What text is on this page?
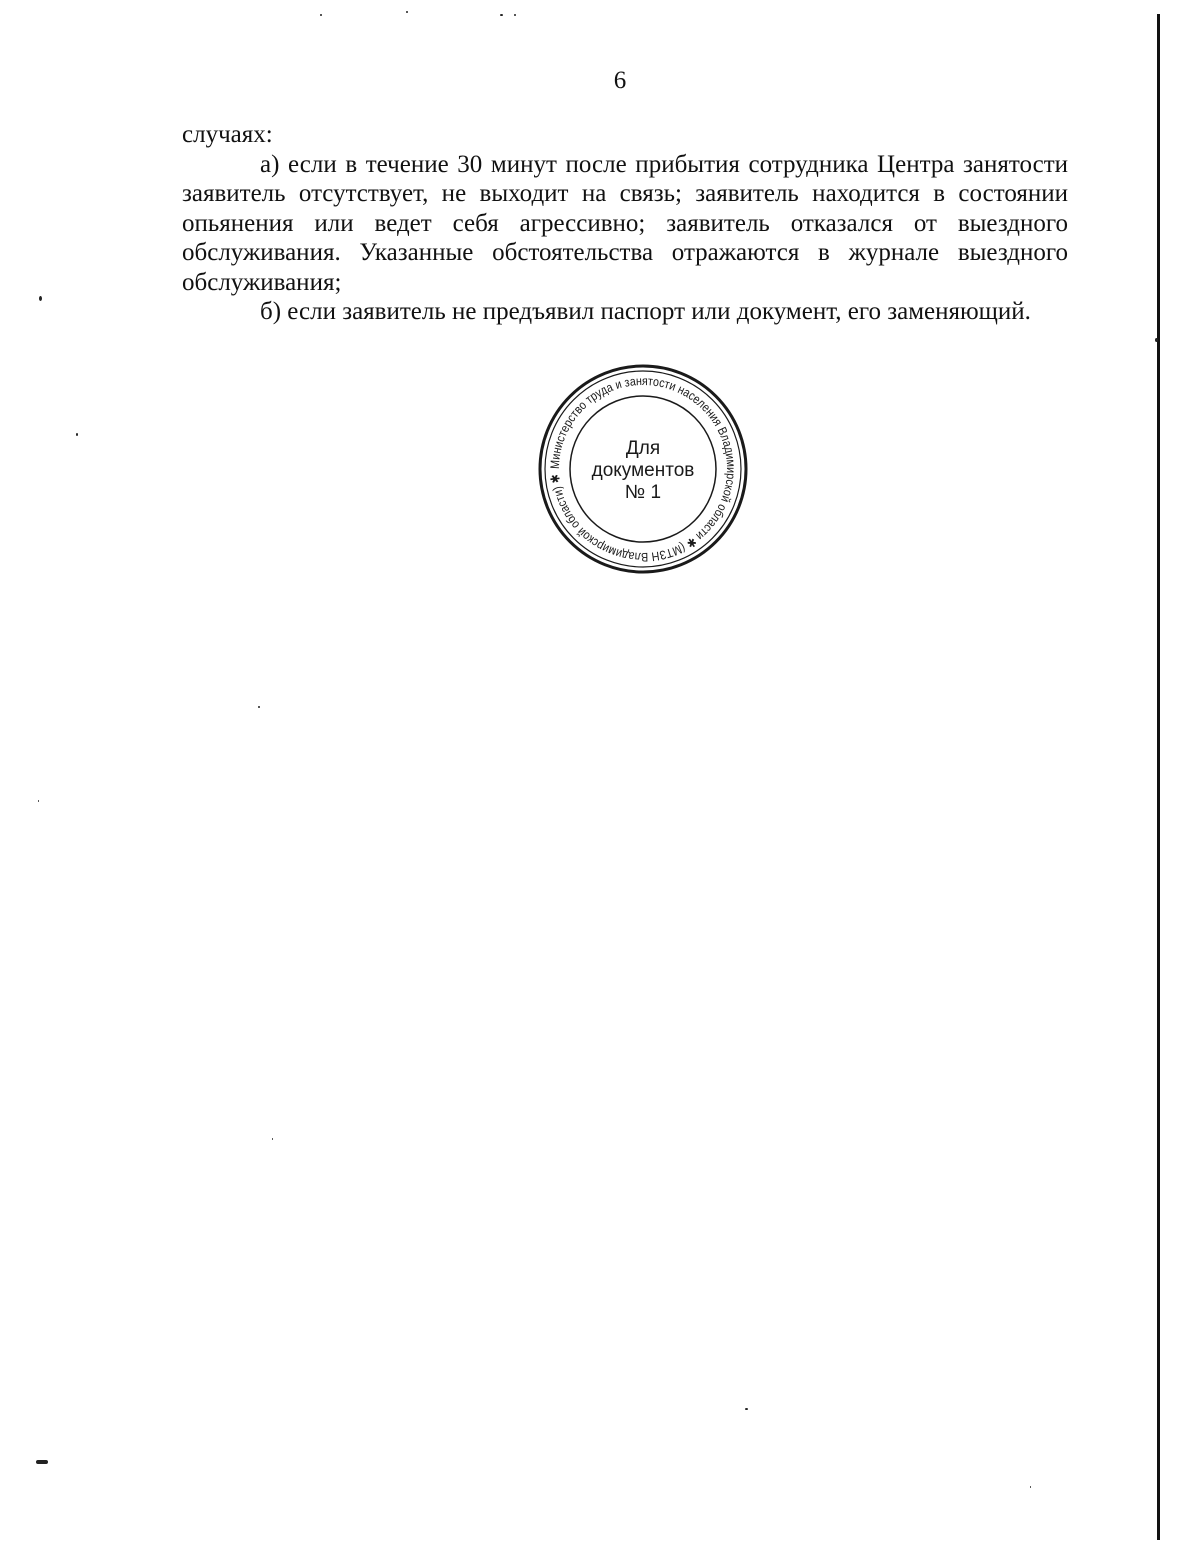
6

случаях:

а) если в течение 30 минут после прибытия сотрудника Центра занятости заявитель отсутствует, не выходит на связь; заявитель находится в состоянии опьянения или ведет себя агрессивно; заявитель отказался от выездного обслуживания. Указанные обстоятельства отражаются в журнале выездного обслуживания;

б) если заявитель не предъявил паспорт или документ, его заменяющий.

Министерство труда и занятости населения Владимирской области ✱ (МТЗН Владимирской области) ✱
Для
документов
№ 1
